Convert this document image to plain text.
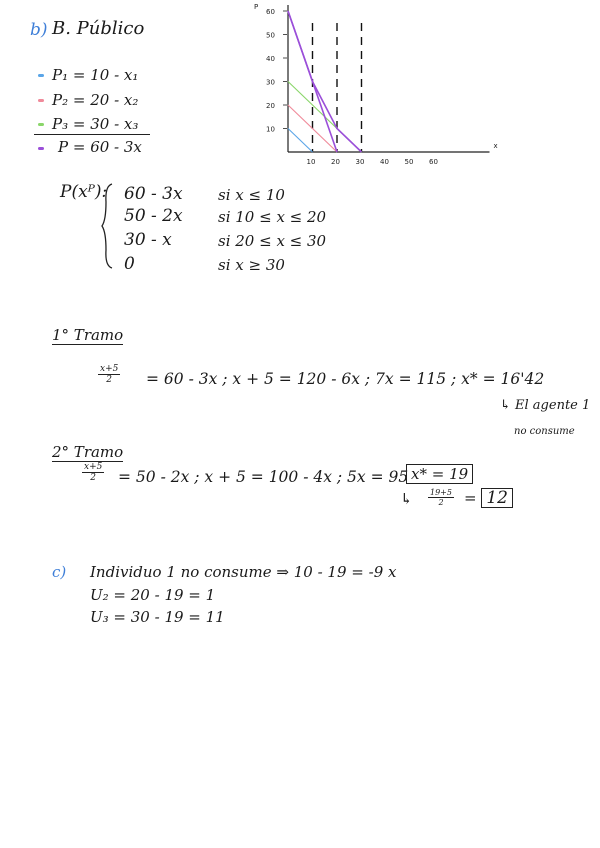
b) B. Público
P₁ = 10 - x₁
P₂ = 20 - x₂
P₃ = 30 - x₃
P = 60 - 3x
P
x
10 20 30 40 50 60
10
20
30
40
50
60
P(xᴾ): 60 - 3x si x ≤ 10
50 - 2x si 10 ≤ x ≤ 20
30 - x	si 20 ≤ x ≤ 30
0	si x ≥ 30
1° Tramo
$\frac{x+5}{2} = 60 - 3x$ ; x + 5 = 120 - 6x ; 7x = 115 ; x* = 16'42
↳ El agente 1
no consume
2° Tramo
$\frac{x+5}{2} = 50 - 2x$ ; x + 5 = 100 - 4x ; 5x = 95 x* = 19
↳ $\frac{19+5}{2} = 12$
c) Individuo 1 no consume ⇒ 10 - 19 = -9 x
U₂ = 20 - 19 = 1
U₃ = 30 - 19 = 11
